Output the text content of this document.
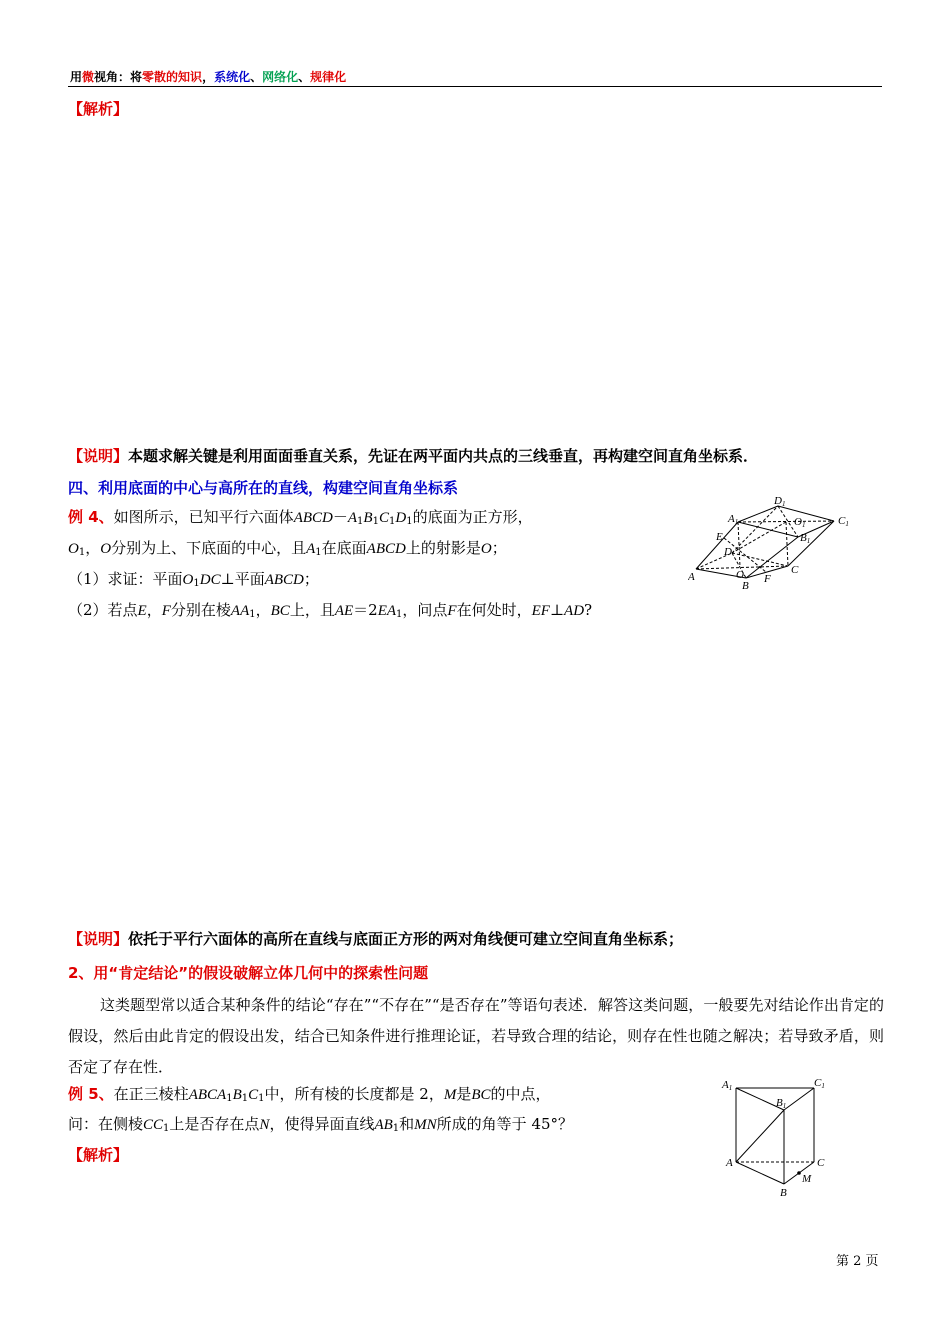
用微视角：将零散的知识，系统化、网络化、规律化
【解析】
【说明】本题求解关键是利用面面垂直关系，先证在两平面内共点的三线垂直，再构建空间直角坐标系．
四、利用底面的中心与高所在的直线，构建空间直角坐标系
例 4、如图所示，已知平行六面体$ABCD-A_1B_1C_1D_1$的底面为正方形，
$O_1$，O分别为上、下底面的中心，且$A_1$在底面ABCD上的射影是O；
（1）求证：平面$O_1DC\perp$平面ABCD；
（2）若点E，F分别在棱$AA_1$，BC上，且$AE=2EA_1$，问点F在何处时，EF⊥AD?
A
B
C
D
E
F
O
A1
B1
C1
D1
O1
【说明】依托于平行六面体的高所在直线与底面正方形的两对角线便可建立空间直角坐标系；
2、用“肯定结论”的假设破解立体几何中的探索性问题
这类题型常以适合某种条件的结论“存在”“不存在”“是否存在”等语句表述．解答这类问题，一般要先对结论作出肯定的假设，然后由此肯定的假设出发，结合已知条件进行推理论证，若导致合理的结论，则存在性也随之解决；若导致矛盾，则否定了存在性．
例 5、在正三棱柱$ABCA_1B_1C_1$中，所有棱的长度都是 2，M是BC的中点，
问：在侧棱$CC_1$上是否存在点N，使得异面直线$AB_1$和MN所成的角等于 45°？
A
B
C
M
A1
B1
C1
【解析】
第 2 页
